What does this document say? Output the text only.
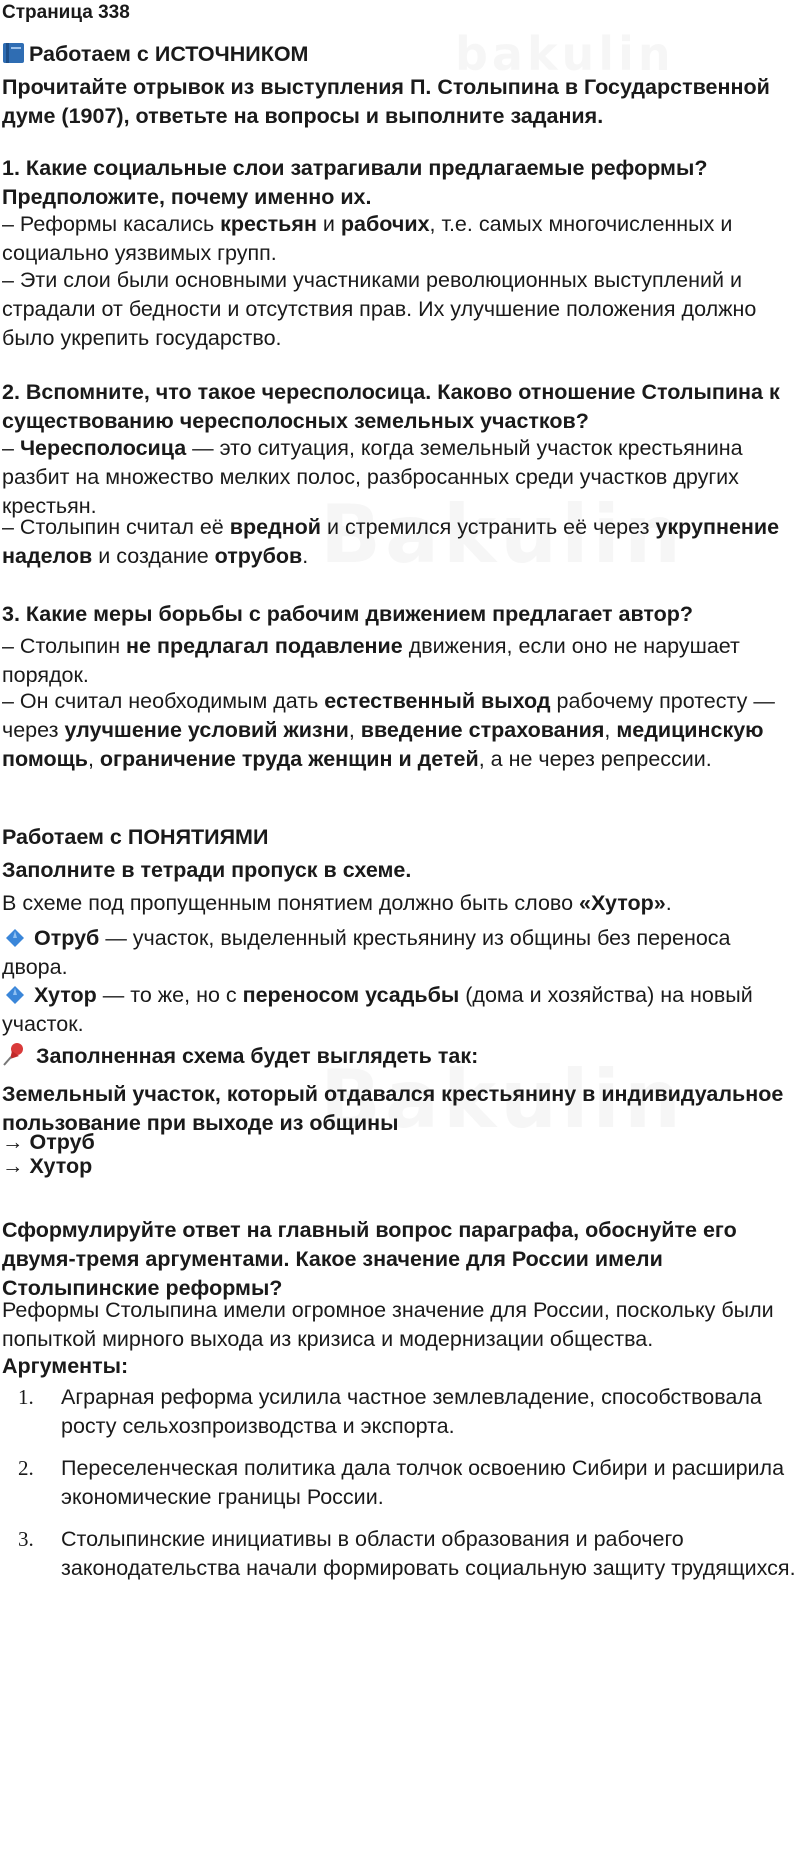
Страница 338
Работаем с ИСТОЧНИКОМ

Прочитайте отрывок из выступления П. Столыпина в Государственной думе (1907), ответьте на вопросы и выполните задания.

1. Какие социальные слои затрагивали предлагаемые реформы? Предположите, почему именно их.

– Реформы касались крестьян и рабочих, т.е. самых многочисленных и социально уязвимых групп.

– Эти слои были основными участниками революционных выступлений и страдали от бедности и отсутствия прав. Их улучшение положения должно было укрепить государство.

2. Вспомните, что такое чересполосица. Каково отношение Столыпина к существованию чересполосных земельных участков?

– Чересполосица — это ситуация, когда земельный участок крестьянина разбит на множество мелких полос, разбросанных среди участков других крестьян.

– Столыпин считал её вредной и стремился устранить её через укрупнение наделов и создание отрубов.

3. Какие меры борьбы с рабочим движением предлагает автор?

– Столыпин не предлагал подавление движения, если оно не нарушает порядок.

– Он считал необходимым дать естественный выход рабочему протесту — через улучшение условий жизни, введение страхования, медицинскую помощь, ограничение труда женщин и детей, а не через репрессии.

Работаем с ПОНЯТИЯМИ

Заполните в тетради пропуск в схеме.

В схеме под пропущенным понятием должно быть слово «Хутор».

Отруб — участок, выделенный крестьянину из общины без переноса двора.

Хутор — то же, но с переносом усадьбы (дома и хозяйства) на новый участок.

Заполненная схема будет выглядеть так:

Земельный участок, который отдавался крестьянину в индивидуальное пользование при выходе из общины

→ Отруб

→ Хутор

Сформулируйте ответ на главный вопрос параграфа, обоснуйте его двумя-тремя аргументами. Какое значение для России имели Столыпинские реформы?

Реформы Столыпина имели огромное значение для России, поскольку были попыткой мирного выхода из кризиса и модернизации общества.

Аргументы:

1. Аграрная реформа усилила частное землевладение, способствовала росту сельхозпроизводства и экспорта.
2. Переселенческая политика дала толчок освоению Сибири и расширила экономические границы России.
3. Столыпинские инициативы в области образования и рабочего законодательства начали формировать социальную защиту трудящихся.
